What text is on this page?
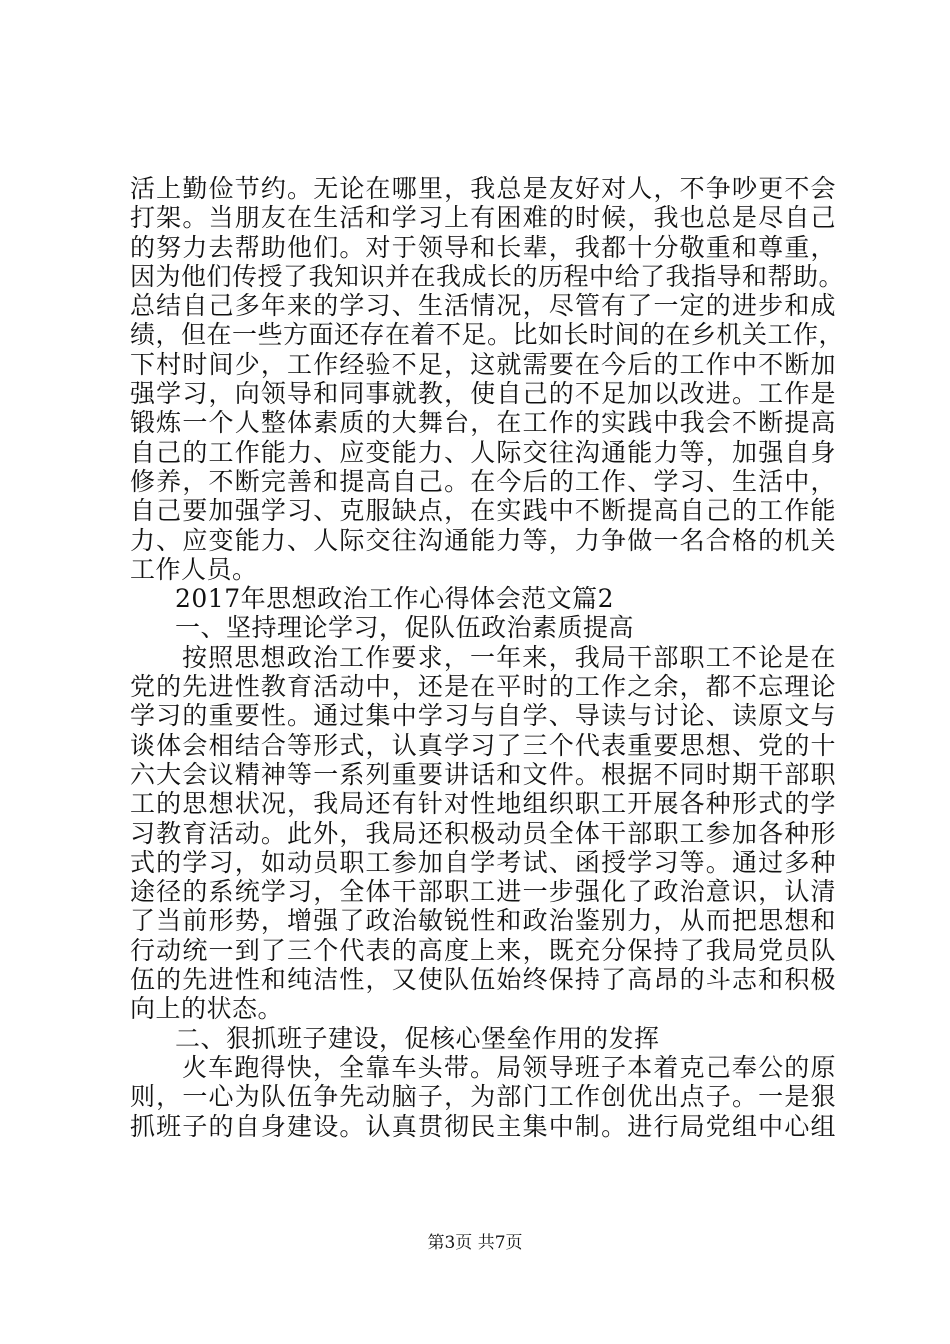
活上勤俭节约。无论在哪里，我总是友好对人，不争吵更不会
打架。当朋友在生活和学习上有困难的时候，我也总是尽自己
的努力去帮助他们。对于领导和长辈，我都十分敬重和尊重，
因为他们传授了我知识并在我成长的历程中给了我指导和帮助。
总结自己多年来的学习、生活情况，尽管有了一定的进步和成
绩，但在一些方面还存在着不足。比如长时间的在乡机关工作，
下村时间少，工作经验不足，这就需要在今后的工作中不断加
强学习，向领导和同事就教，使自己的不足加以改进。工作是
锻炼一个人整体素质的大舞台，在工作的实践中我会不断提高
自己的工作能力、应变能力、人际交往沟通能力等，加强自身
修养，不断完善和提高自己。在今后的工作、学习、生活中，
自己要加强学习、克服缺点，在实践中不断提高自己的工作能
力、应变能力、人际交往沟通能力等，力争做一名合格的机关
工作人员。
2017年思想政治工作心得体会范文篇2
一、坚持理论学习，促队伍政治素质提高
按照思想政治工作要求，一年来，我局干部职工不论是在
党的先进性教育活动中，还是在平时的工作之余，都不忘理论
学习的重要性。通过集中学习与自学、导读与讨论、读原文与
谈体会相结合等形式，认真学习了三个代表重要思想、党的十
六大会议精神等一系列重要讲话和文件。根据不同时期干部职
工的思想状况，我局还有针对性地组织职工开展各种形式的学
习教育活动。此外，我局还积极动员全体干部职工参加各种形
式的学习，如动员职工参加自学考试、函授学习等。通过多种
途径的系统学习，全体干部职工进一步强化了政治意识，认清
了当前形势，增强了政治敏锐性和政治鉴别力，从而把思想和
行动统一到了三个代表的高度上来，既充分保持了我局党员队
伍的先进性和纯洁性，又使队伍始终保持了高昂的斗志和积极
向上的状态。
二、狠抓班子建设，促核心堡垒作用的发挥
火车跑得快，全靠车头带。局领导班子本着克己奉公的原
则，一心为队伍争先动脑子，为部门工作创优出点子。一是狠
抓班子的自身建设。认真贯彻民主集中制。进行局党组中心组
第3页 共7页
